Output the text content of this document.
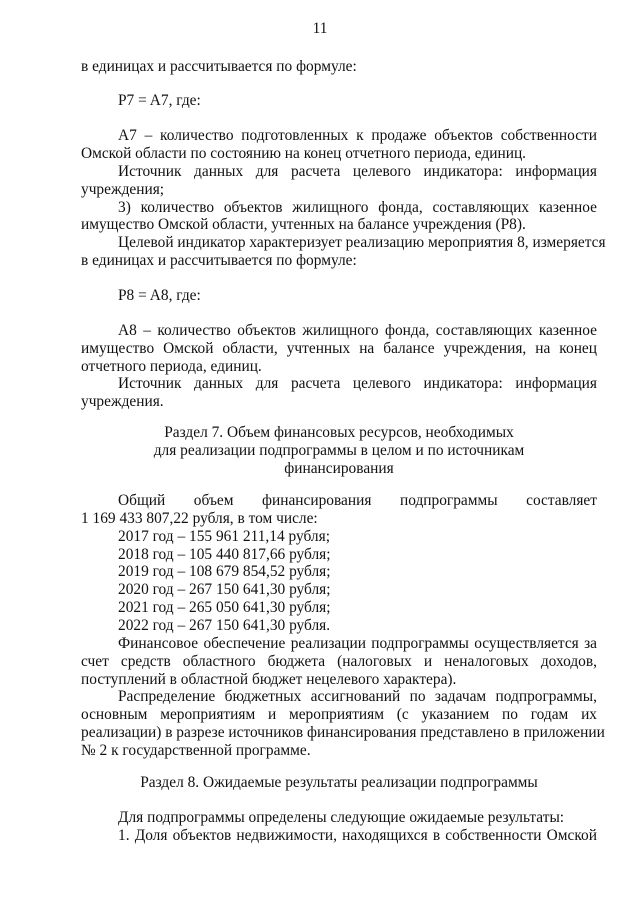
11
в единицах и рассчитывается по формуле:
P7 = A7, где:
A7 – количество подготовленных к продаже объектов собственности
Омской области по состоянию на конец отчетного периода, единиц.
Источник данных для расчета целевого индикатора: информация
учреждения;
3) количество объектов жилищного фонда, составляющих казенное
имущество Омской области, учтенных на балансе учреждения (P8).
Целевой индикатор характеризует реализацию мероприятия 8, измеряется
в единицах и рассчитывается по формуле:
P8 = A8, где:
A8 – количество объектов жилищного фонда, составляющих казенное
имущество Омской области, учтенных на балансе учреждения, на конец
отчетного периода, единиц.
Источник данных для расчета целевого индикатора: информация
учреждения.
Раздел 7. Объем финансовых ресурсов, необходимых
для реализации подпрограммы в целом и по источникам
финансирования
Общий объем финансирования подпрограммы составляет
1 169 433 807,22 рубля, в том числе:
2017 год – 155 961 211,14 рубля;
2018 год – 105 440 817,66 рубля;
2019 год – 108 679 854,52 рубля;
2020 год – 267 150 641,30 рубля;
2021 год – 265 050 641,30 рубля;
2022 год – 267 150 641,30 рубля.
Финансовое обеспечение реализации подпрограммы осуществляется за
счет средств областного бюджета (налоговых и неналоговых доходов,
поступлений в областной бюджет нецелевого характера).
Распределение бюджетных ассигнований по задачам подпрограммы,
основным мероприятиям и мероприятиям (с указанием по годам их
реализации) в разрезе источников финансирования представлено в приложении
№ 2 к государственной программе.
Раздел 8. Ожидаемые результаты реализации подпрограммы
Для подпрограммы определены следующие ожидаемые результаты:
1. Доля объектов недвижимости, находящихся в собственности Омской
